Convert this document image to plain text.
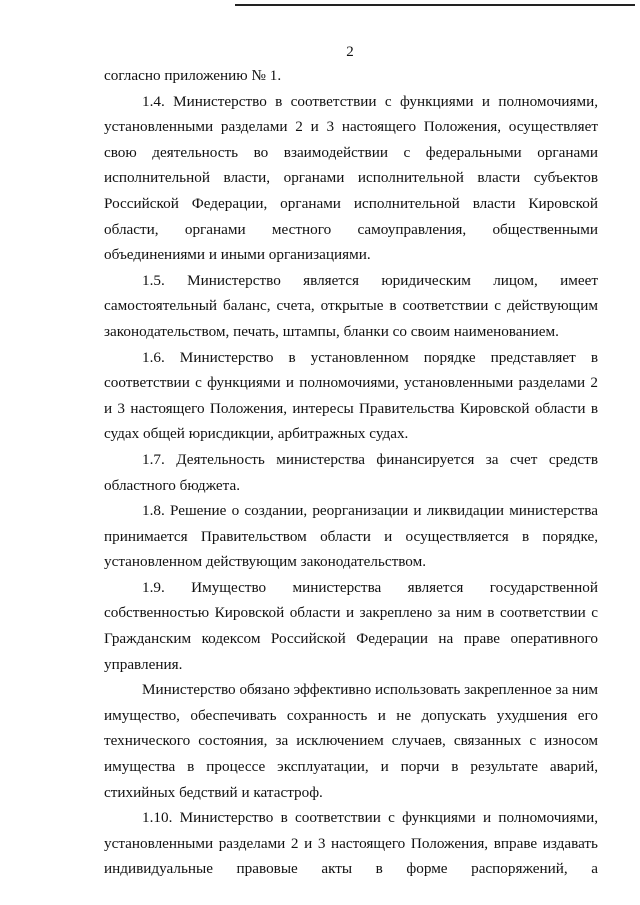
2

согласно приложению № 1.

1.4. Министерство в соответствии с функциями и полномочиями, установленными разделами 2 и 3 настоящего Положения, осуществляет свою деятельность во взаимодействии с федеральными органами исполнительной власти, органами исполнительной власти субъектов Российской Федерации, органами исполнительной власти Кировской области, органами местного самоуправления, общественными объединениями и иными организациями.

1.5. Министерство является юридическим лицом, имеет самостоятельный баланс, счета, открытые в соответствии с действующим законодательством, печать, штампы, бланки со своим наименованием.

1.6. Министерство в установленном порядке представляет в соответствии с функциями и полномочиями, установленными разделами 2 и 3 настоящего Положения, интересы Правительства Кировской области в судах общей юрисдикции, арбитражных судах.

1.7. Деятельность министерства финансируется за счет средств областного бюджета.

1.8. Решение о создании, реорганизации и ликвидации министерства принимается Правительством области и осуществляется в порядке, установленном действующим законодательством.

1.9. Имущество министерства является государственной собственностью Кировской области и закреплено за ним в соответствии с Гражданским кодексом Российской Федерации на праве оперативного управления.

Министерство обязано эффективно использовать закрепленное за ним имущество, обеспечивать сохранность и не допускать ухудшения его технического состояния, за исключением случаев, связанных с износом имущества в процессе эксплуатации, и порчи в результате аварий, стихийных бедствий и катастроф.

1.10. Министерство в соответствии с функциями и полномочиями, установленными разделами 2 и 3 настоящего Положения, вправе издавать индивидуальные правовые акты в форме распоряжений, а
